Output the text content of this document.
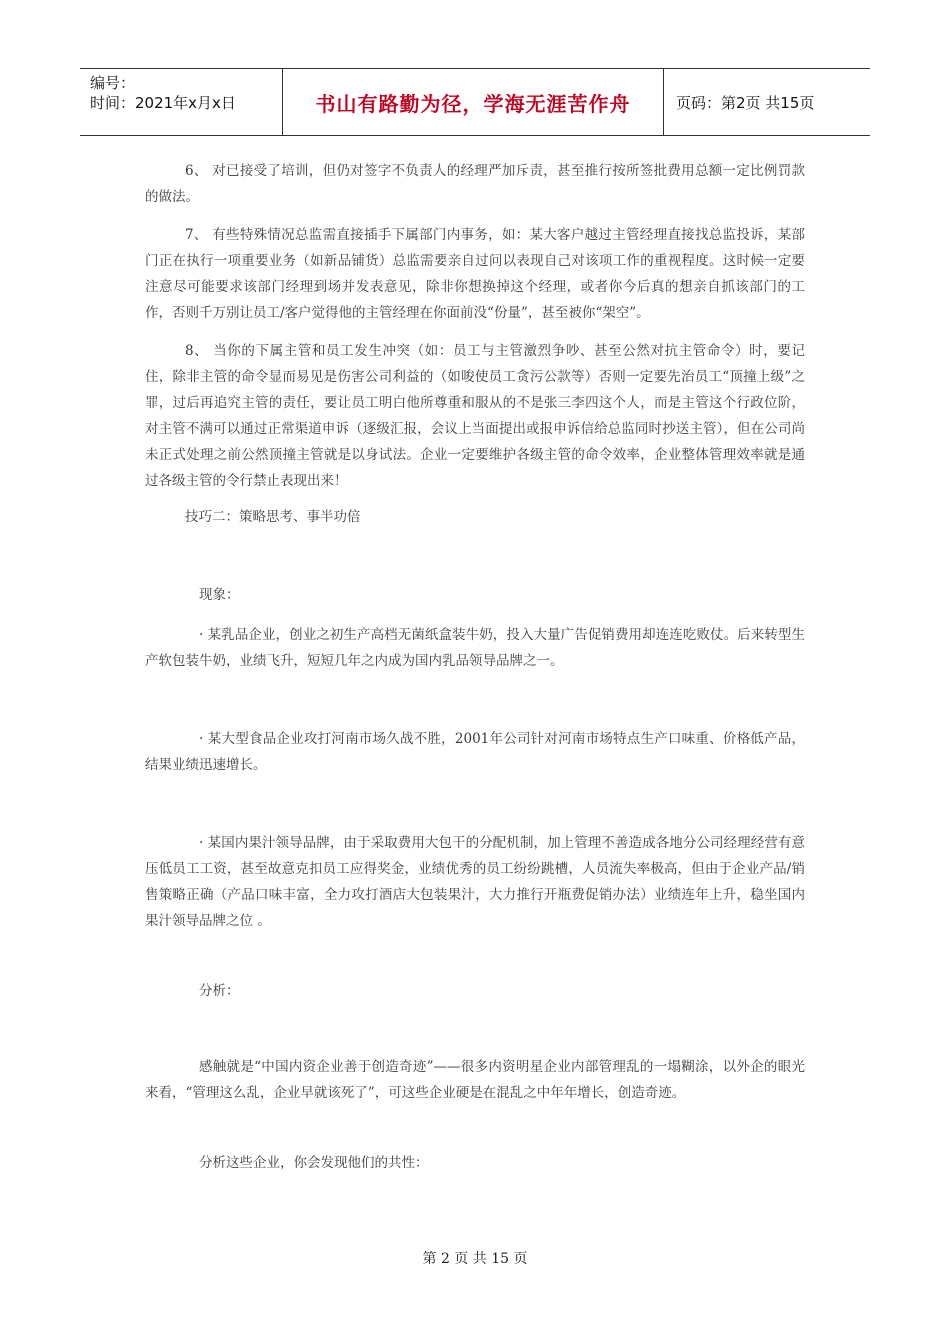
编号：
时间：2021年x月x日	书山有路勤为径，学海无涯苦作舟	页码：第2页 共15页

6、 对已接受了培训，但仍对签字不负责人的经理严加斥责，甚至推行按所签批费用总额一定比例罚款的做法。

7、 有些特殊情况总监需直接插手下属部门内事务，如：某大客户越过主管经理直接找总监投诉，某部门正在执行一项重要业务（如新品铺货）总监需要亲自过问以表现自己对该项工作的重视程度。这时候一定要注意尽可能要求该部门经理到场并发表意见，除非你想换掉这个经理，或者你今后真的想亲自抓该部门的工作，否则千万别让员工/客户觉得他的主管经理在你面前没“份量”，甚至被你“架空”。

8、 当你的下属主管和员工发生冲突（如：员工与主管激烈争吵、甚至公然对抗主管命令）时，要记住，除非主管的命令显而易见是伤害公司利益的（如唆使员工贪污公款等）否则一定要先治员工“顶撞上级”之罪，过后再追究主管的责任，要让员工明白他所尊重和服从的不是张三李四这个人，而是主管这个行政位阶，对主管不满可以通过正常渠道申诉（逐级汇报，会议上当面提出或报申诉信给总监同时抄送主管），但在公司尚未正式处理之前公然顶撞主管就是以身试法。企业一定要维护各级主管的命令效率，企业整体管理效率就是通过各级主管的令行禁止表现出来！

技巧二：策略思考、事半功倍

现象：

· 某乳品企业，创业之初生产高档无菌纸盒装牛奶，投入大量广告促销费用却连连吃败仗。后来转型生产软包装牛奶，业绩飞升，短短几年之内成为国内乳品领导品牌之一。

· 某大型食品企业攻打河南市场久战不胜，2001年公司针对河南市场特点生产口味重、价格低产品，结果业绩迅速增长。

· 某国内果汁领导品牌，由于采取费用大包干的分配机制，加上管理不善造成各地分公司经理经营有意压低员工工资，甚至故意克扣员工应得奖金，业绩优秀的员工纷纷跳槽，人员流失率极高，但由于企业产品/销售策略正确（产品口味丰富，全力攻打酒店大包装果汁，大力推行开瓶费促销办法）业绩连年上升，稳坐国内果汁领导品牌之位 。

分析：

感触就是“中国内资企业善于创造奇迹”——很多内资明星企业内部管理乱的一塌糊涂，以外企的眼光来看，“管理这么乱，企业早就该死了”，可这些企业硬是在混乱之中年年增长，创造奇迹。

分析这些企业，你会发现他们的共性：

第 2 页 共 15 页
